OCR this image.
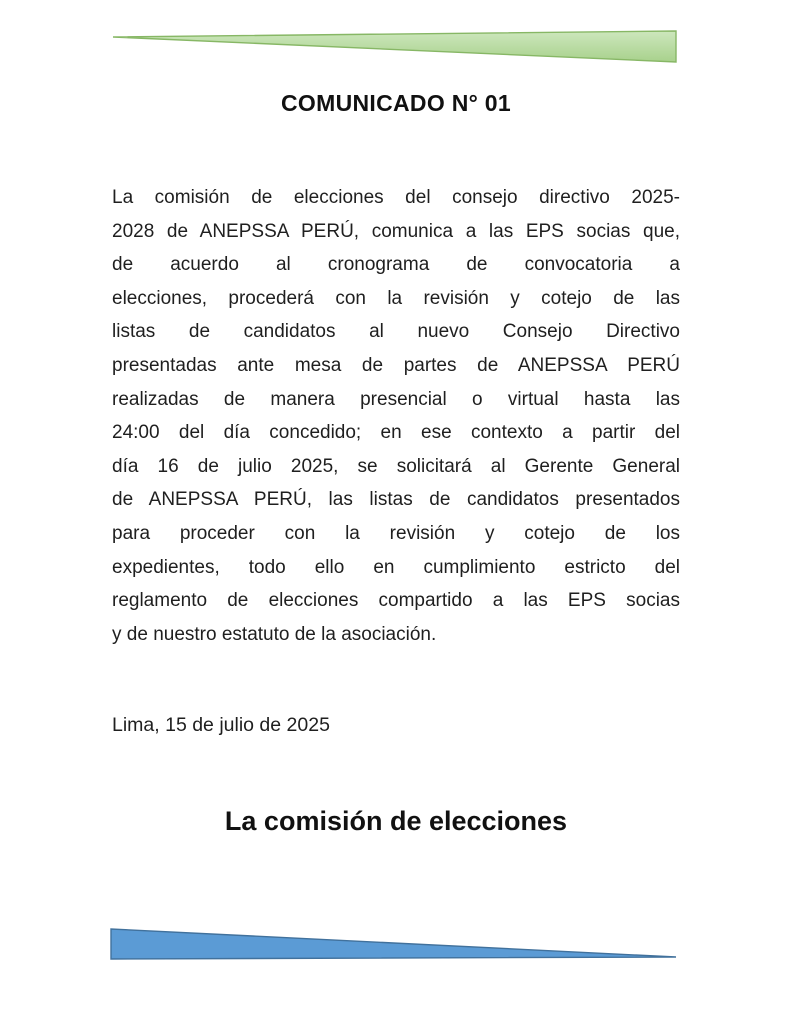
COMUNICADO N° 01
La comisión de elecciones del consejo directivo 2025-
2028 de ANEPSSA PERÚ, comunica a las EPS socias que,
de acuerdo al cronograma de convocatoria a
elecciones, procederá con la revisión y cotejo de las
listas de candidatos al nuevo Consejo Directivo
presentadas ante mesa de partes de ANEPSSA PERÚ
realizadas de manera presencial o virtual hasta las
24:00 del día concedido; en ese contexto a partir del
día 16 de julio 2025, se solicitará al Gerente General
de ANEPSSA PERÚ, las listas de candidatos presentados
para proceder con la revisión y cotejo de los
expedientes, todo ello en cumplimiento estricto del
reglamento de elecciones compartido a las EPS socias
y de nuestro estatuto de la asociación.
Lima, 15 de julio de 2025
La comisión de elecciones
